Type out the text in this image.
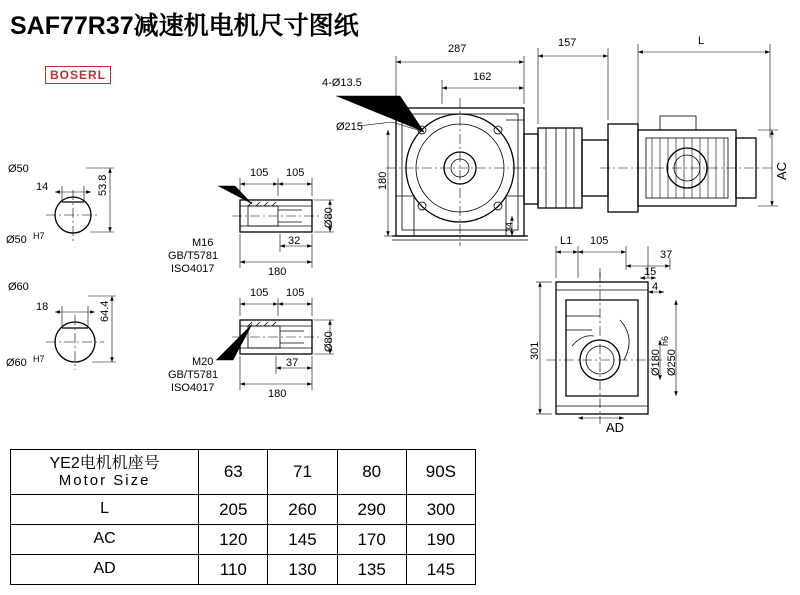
SAF77R37减速机电机尺寸图纸
BOSERL
Ø50
14
Ø50 H7
53.8
Ø60
18
Ø60 H7
64.4
105 105
32
180
Ø80
M16
GB/T5781
ISO4017
105 105
37
180
Ø80
M20
GB/T5781
ISO4017
287
162
157	L
4-Ø13.5
Ø215
180
34
AC
L1 105
37
15
4
301	Ø180
h6
Ø250
AD
YE2电机机座号
Motor Size	63	71	80	90S
L	205	260	290	300
AC	120	145	170	190
AD	110	130	135	145
